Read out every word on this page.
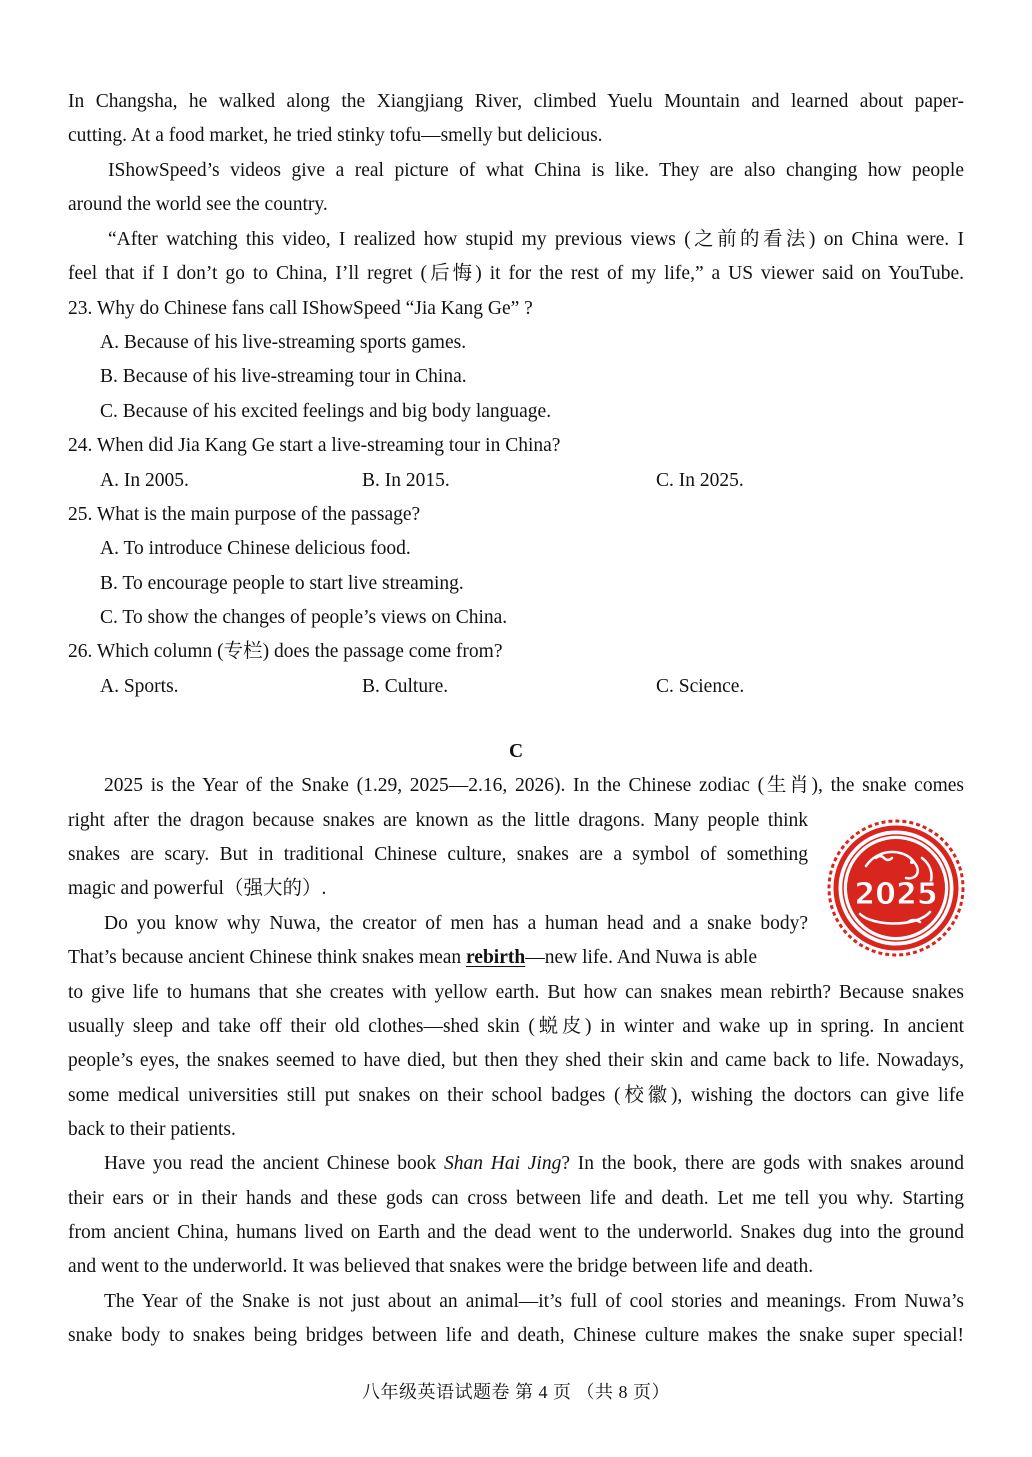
In Changsha, he walked along the Xiangjiang River, climbed Yuelu Mountain and learned about paper-
cutting. At a food market, he tried stinky tofu—smelly but delicious.
IShowSpeed’s videos give a real picture of what China is like. They are also changing how people
around the world see the country.
“After watching this video, I realized how stupid my previous views (之前的看法) on China were. I
feel that if I don’t go to China, I’ll regret (后悔) it for the rest of my life,” a US viewer said on YouTube.
23. Why do Chinese fans call IShowSpeed “Jia Kang Ge” ?
A. Because of his live-streaming sports games.
B. Because of his live-streaming tour in China.
C. Because of his excited feelings and big body language.
24. When did Jia Kang Ge start a live-streaming tour in China?
A. In 2005.	B. In 2015.	C. In 2025.
25. What is the main purpose of the passage?
A. To introduce Chinese delicious food.
B. To encourage people to start live streaming.
C. To show the changes of people’s views on China.
26. Which column (专栏) does the passage come from?
A. Sports.	B. Culture.	C. Science.
C
2025 is the Year of the Snake (1.29, 2025—2.16, 2026). In the Chinese zodiac (生肖), the snake comes
right after the dragon because snakes are known as the little dragons. Many people think
snakes are scary. But in traditional Chinese culture, snakes are a symbol of something
magic and powerful（强大的）.
Do you know why Nuwa, the creator of men has a human head and a snake body?
That’s because ancient Chinese think snakes mean rebirth—new life. And Nuwa is able
to give life to humans that she creates with yellow earth. But how can snakes mean rebirth? Because snakes
usually sleep and take off their old clothes—shed skin (蜕皮) in winter and wake up in spring. In ancient
people’s eyes, the snakes seemed to have died, but then they shed their skin and came back to life. Nowadays,
some medical universities still put snakes on their school badges (校徽), wishing the doctors can give life
back to their patients.
Have you read the ancient Chinese book Shan Hai Jing? In the book, there are gods with snakes around
their ears or in their hands and these gods can cross between life and death. Let me tell you why. Starting
from ancient China, humans lived on Earth and the dead went to the underworld. Snakes dug into the ground
and went to the underworld. It was believed that snakes were the bridge between life and death.
The Year of the Snake is not just about an animal—it’s full of cool stories and meanings. From Nuwa’s
snake body to snakes being bridges between life and death, Chinese culture makes the snake super special!
2025
八年级英语试题卷 第 4 页 （共 8 页）
